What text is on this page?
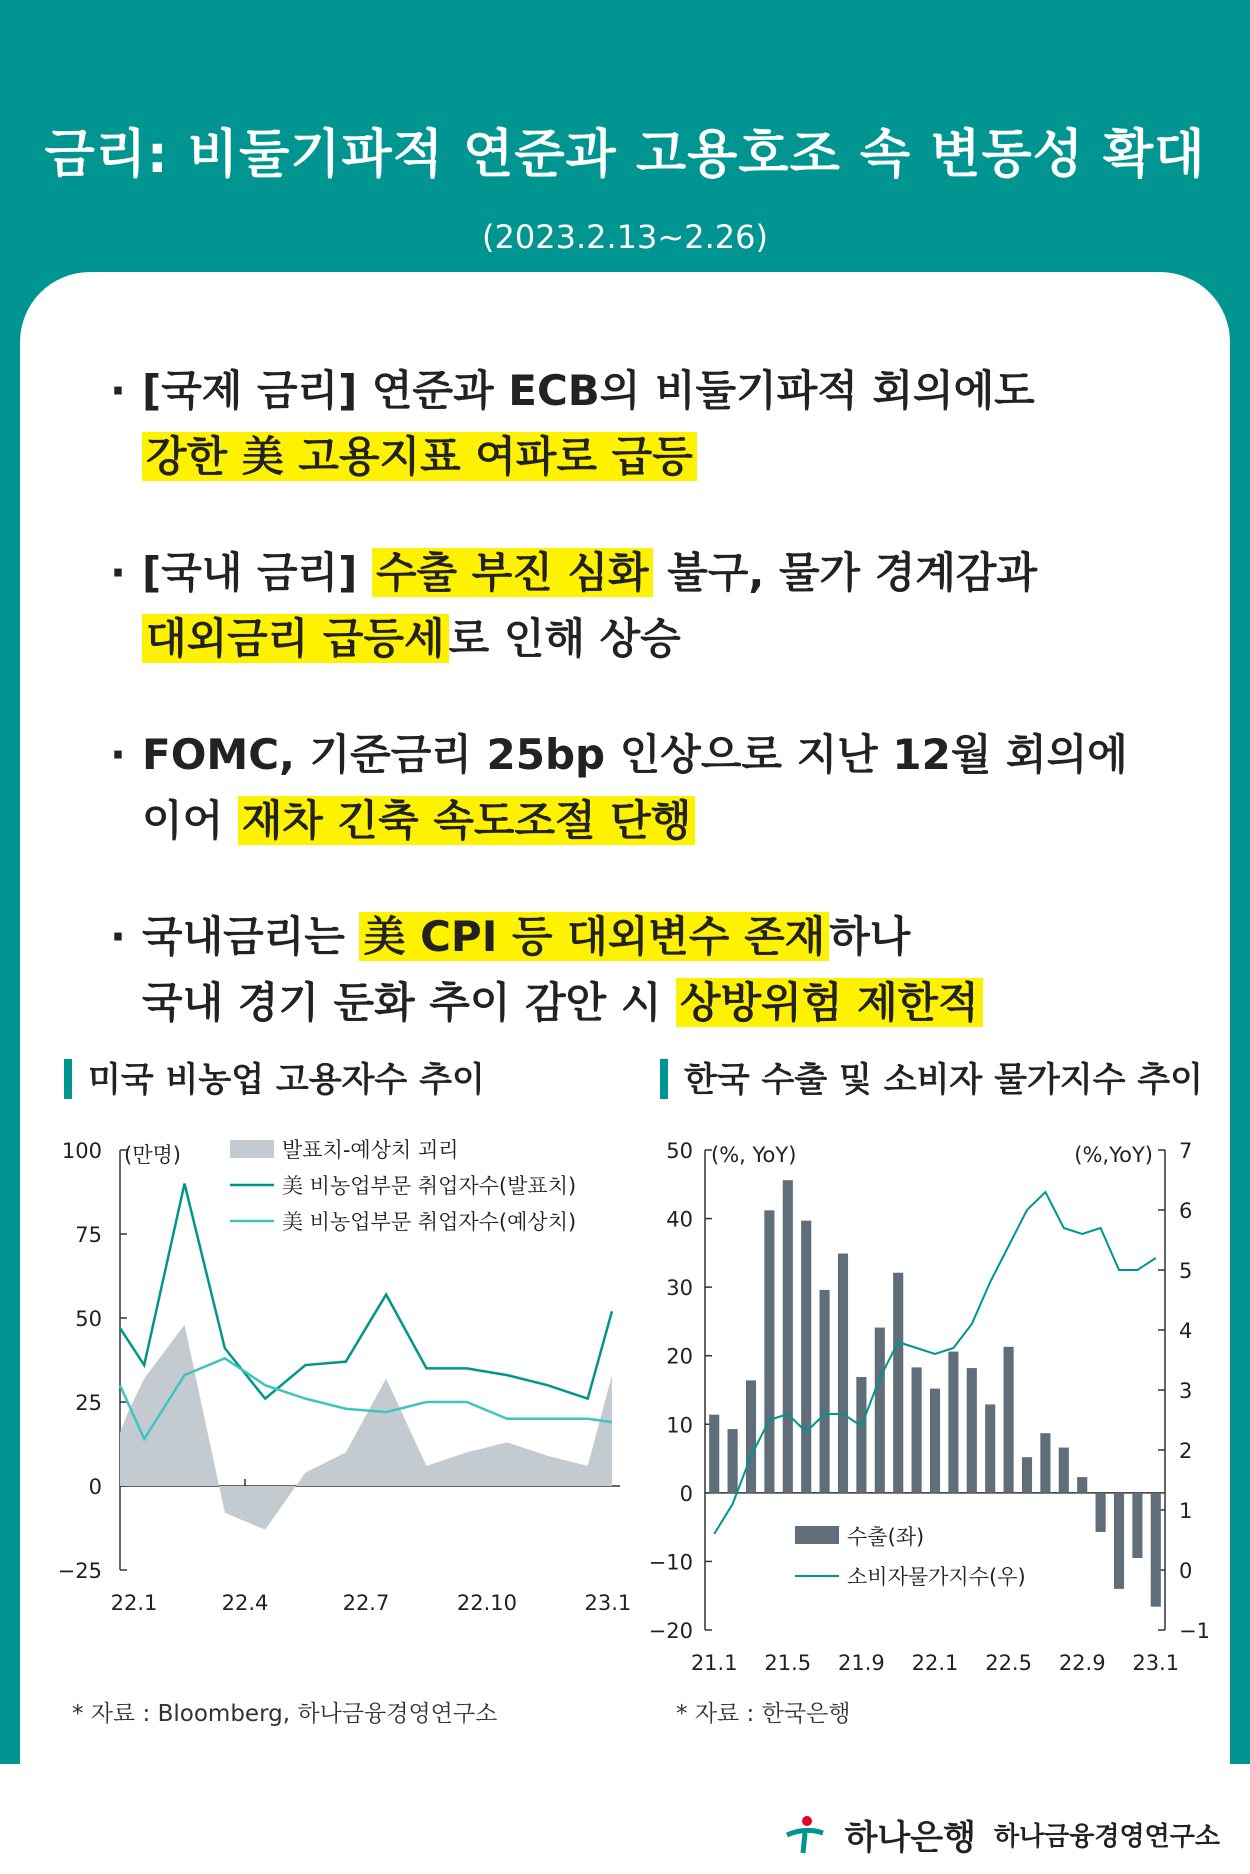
금리: 비둘기파적 연준과 고용호조 속 변동성 확대
(2023.2.13~2.26)
· [국제 금리] 연준과 ECB의 비둘기파적 회의에도
강한 美 고용지표 여파로 급등
· [국내 금리] 수출 부진 심화 불구, 물가 경계감과
대외금리 급등세로 인해 상승
· FOMC, 기준금리 25bp 인상으로 지난 12월 회의에
이어 재차 긴축 속도조절 단행
· 국내금리는 美 CPI 등 대외변수 존재하나
국내 경기 둔화 추이 감안 시 상방위험 제한적
미국 비농업 고용자수 추이
−25
0
25
50
75
100
22.1	22.4	22.7	22.10	23.1
(만명)	발표치-예상치 괴리
美 비농업부문 취업자수(발표치)
美 비농업부문 취업자수(예상치)
* 자료 : Bloomberg, 하나금융경영연구소
한국 수출 및 소비자 물가지수 추이
−20
−10
0
10
20
30
40
50
−1
0
1
2
3
4
5
6
7
21.1 21.5 21.9 22.1 22.5 22.9 23.1
(%, YoY)	(%,YoY)
수출(좌)
소비자물가지수(우)
* 자료 : 한국은행
하나은행 하나금융경영연구소
